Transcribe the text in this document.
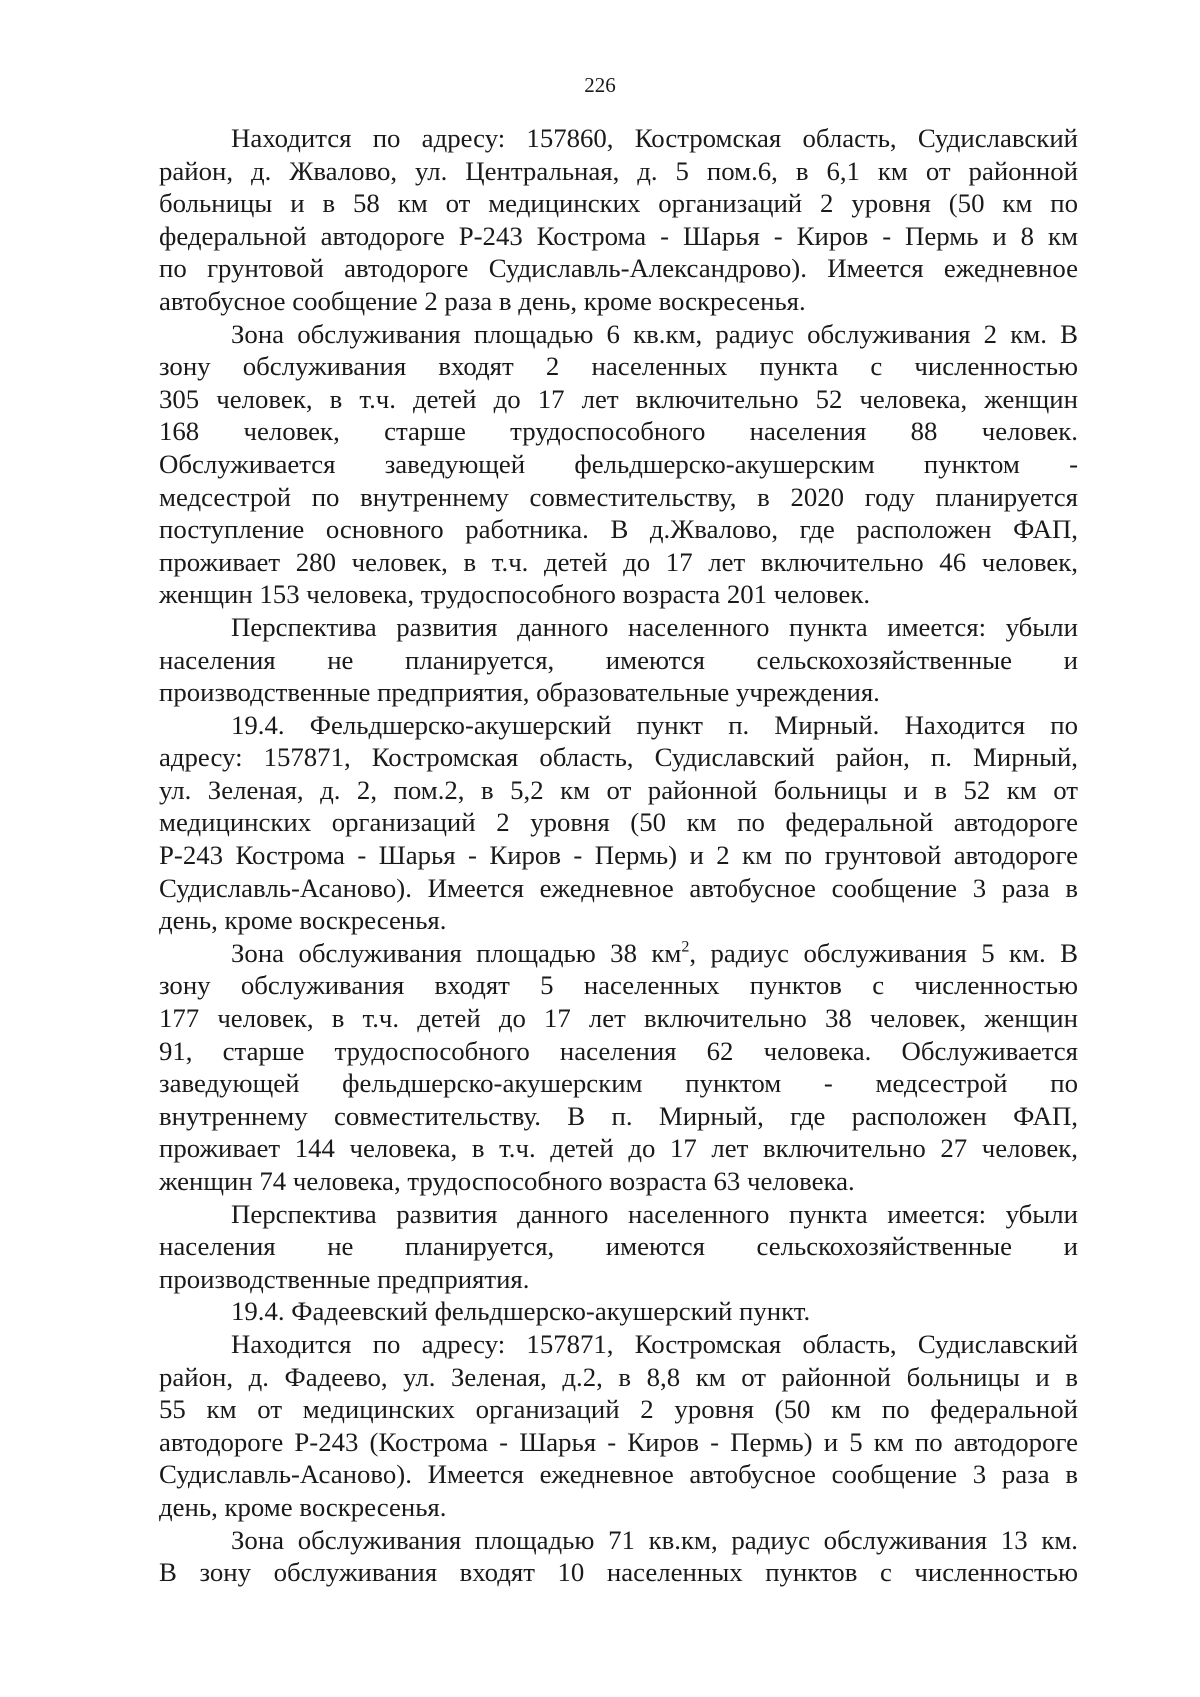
226
Находится по адресу: 157860, Костромская область, Судиславский
район, д. Жвалово, ул. Центральная, д. 5 пом.6, в 6,1 км от районной
больницы и в 58 км от медицинских организаций 2 уровня (50 км по
федеральной автодороге Р-243 Кострома - Шарья - Киров - Пермь и 8 км
по грунтовой автодороге Судиславль-Александрово). Имеется ежедневное
автобусное сообщение 2 раза в день, кроме воскресенья.
Зона обслуживания площадью 6 кв.км, радиус обслуживания 2 км. В
зону обслуживания входят 2 населенных пункта с численностью
305 человек, в т.ч. детей до 17 лет включительно 52 человека, женщин
168 человек, старше трудоспособного населения 88 человек.
Обслуживается заведующей фельдшерско-акушерским пунктом -
медсестрой по внутреннему совместительству, в 2020 году планируется
поступление основного работника. В д.Жвалово, где расположен ФАП,
проживает 280 человек, в т.ч. детей до 17 лет включительно 46 человек,
женщин 153 человека, трудоспособного возраста 201 человек.
Перспектива развития данного населенного пункта имеется: убыли
населения не планируется, имеются сельскохозяйственные и
производственные предприятия, образовательные учреждения.
19.4. Фельдшерско-акушерский пункт п. Мирный. Находится по
адресу: 157871, Костромская область, Судиславский район, п. Мирный,
ул. Зеленая, д. 2, пом.2, в 5,2 км от районной больницы и в 52 км от
медицинских организаций 2 уровня (50 км по федеральной автодороге
Р-243 Кострома - Шарья - Киров - Пермь) и 2 км по грунтовой автодороге
Судиславль-Асаново). Имеется ежедневное автобусное сообщение 3 раза в
день, кроме воскресенья.
Зона обслуживания площадью 38 $км^2$, радиус обслуживания 5 км. В
зону обслуживания входят 5 населенных пунктов с численностью
177 человек, в т.ч. детей до 17 лет включительно 38 человек, женщин
91, старше трудоспособного населения 62 человека. Обслуживается
заведующей фельдшерско-акушерским пунктом - медсестрой по
внутреннему совместительству. В п. Мирный, где расположен ФАП,
проживает 144 человека, в т.ч. детей до 17 лет включительно 27 человек,
женщин 74 человека, трудоспособного возраста 63 человека.
Перспектива развития данного населенного пункта имеется: убыли
населения не планируется, имеются сельскохозяйственные и
производственные предприятия.
19.4. Фадеевский фельдшерско-акушерский пункт.
Находится по адресу: 157871, Костромская область, Судиславский
район, д. Фадеево, ул. Зеленая, д.2, в 8,8 км от районной больницы и в
55 км от медицинских организаций 2 уровня (50 км по федеральной
автодороге Р-243 (Кострома - Шарья - Киров - Пермь) и 5 км по автодороге
Судиславль-Асаново). Имеется ежедневное автобусное сообщение 3 раза в
день, кроме воскресенья.
Зона обслуживания площадью 71 кв.км, радиус обслуживания 13 км.
В зону обслуживания входят 10 населенных пунктов с численностью
